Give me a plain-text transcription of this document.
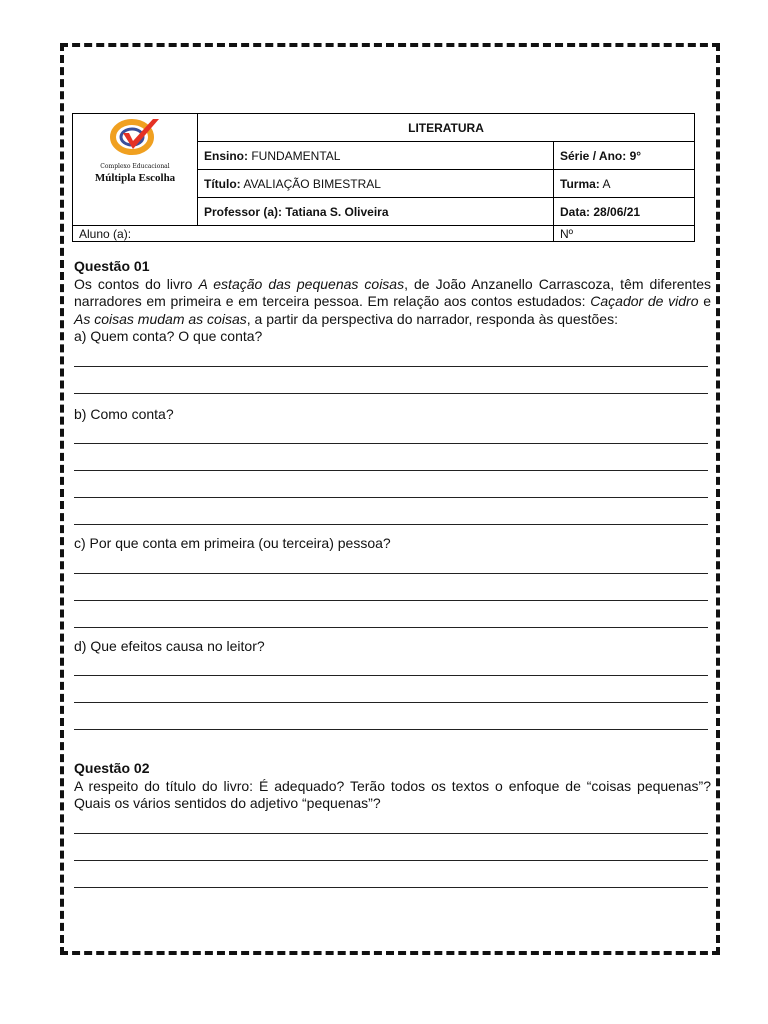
Complexo Educacional
Múltipla Escolha	LITERATURA	
	Ensino: FUNDAMENTAL	Série / Ano: 9°
	Título: AVALIAÇÃO BIMESTRAL	Turma: A
	Professor (a): Tatiana S. Oliveira	Data: 28/06/21
Aluno (a):		Nº
Questão 01
Os contos do livro A estação das pequenas coisas, de João Anzanello Carrascoza, têm diferentes narradores em primeira e em terceira pessoa. Em relação aos contos estudados: Caçador de vidro e As coisas mudam as coisas, a partir da perspectiva do narrador, responda às questões:
a) Quem conta? O que conta?
b) Como conta?
c) Por que conta em primeira (ou terceira) pessoa?
d) Que efeitos causa no leitor?
Questão 02
A respeito do título do livro: É adequado? Terão todos os textos o enfoque de “coisas pequenas”? Quais os vários sentidos do adjetivo “pequenas”?
